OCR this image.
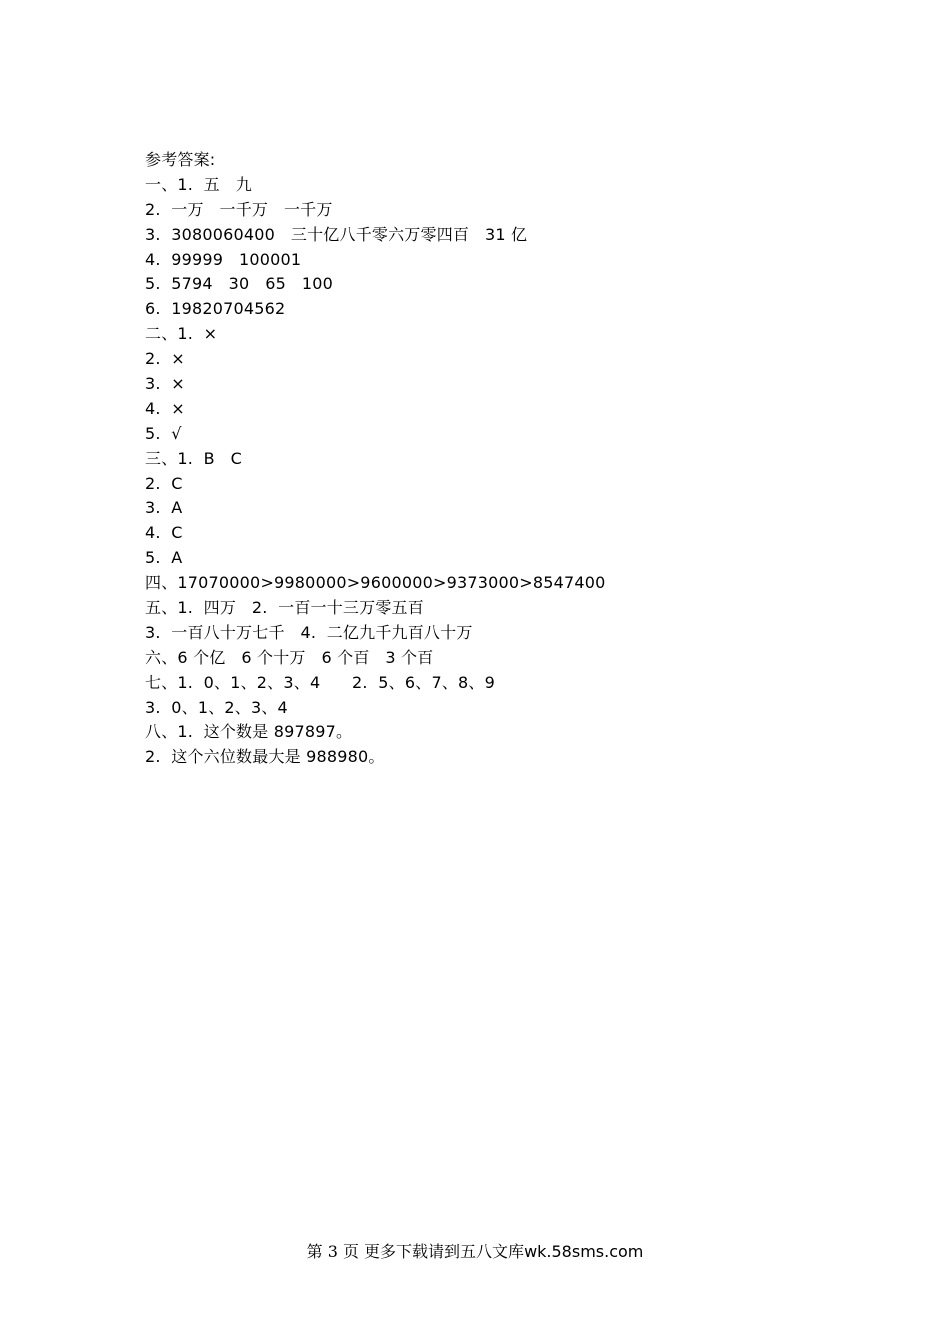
参考答案:
一、1.  五   九
2.  一万   一千万   一千万
3.  3080060400   三十亿八千零六万零四百   31 亿
4.  99999   100001
5.  5794   30   65   100
6.  19820704562
二、1.  ×
2.  ×
3.  ×
4.  ×
5.  √
三、1.  B   C
2.  C
3.  A
4.  C
5.  A
四、17070000>9980000>9600000>9373000>8547400
五、1.  四万   2.  一百一十三万零五百
3.  一百八十万七千   4.  二亿九千九百八十万
六、6 个亿   6 个十万   6 个百   3 个百
七、1.  0、1、2、3、4      2.  5、6、7、8、9
3.  0、1、2、3、4
八、1.  这个数是 897897。
2.  这个六位数最大是 988980。
第 3 页 更多下载请到五八文库wk.58sms.com
